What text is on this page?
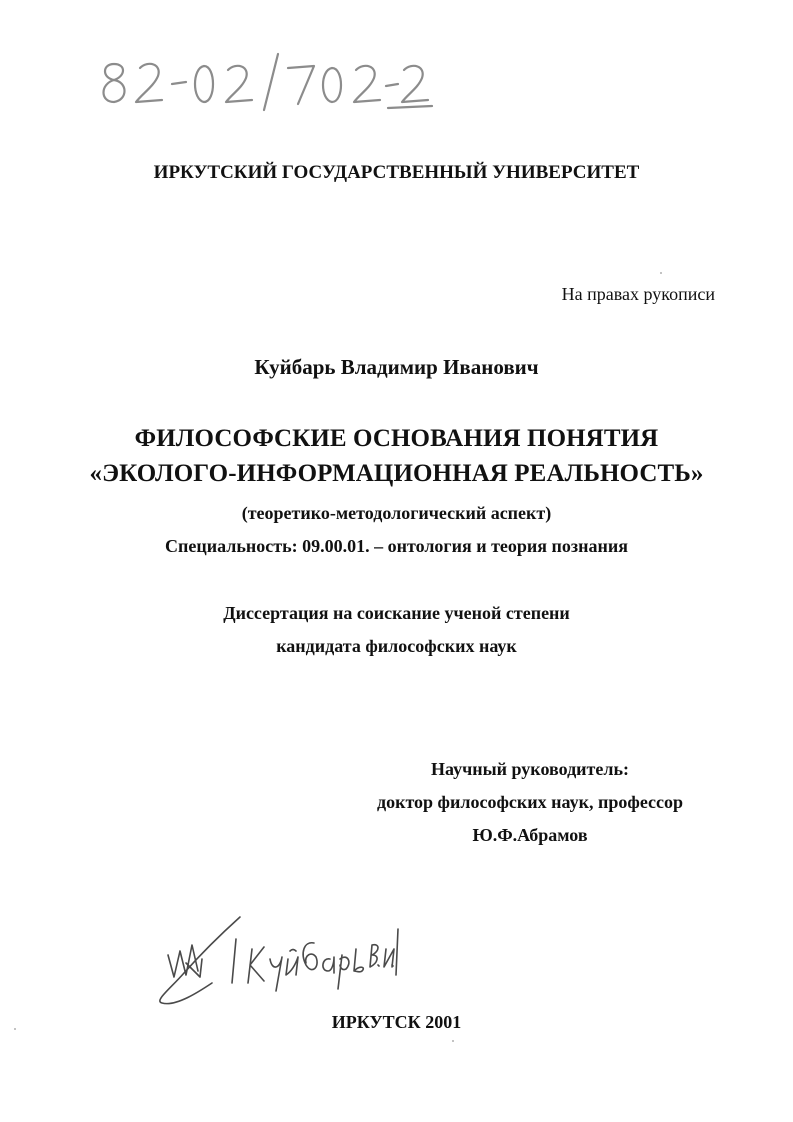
82-02/702-2
ИРКУТСКИЙ ГОСУДАРСТВЕННЫЙ УНИВЕРСИТЕТ
На правах рукописи
Куйбарь Владимир Иванович
ФИЛОСОФСКИЕ ОСНОВАНИЯ ПОНЯТИЯ
«ЭКОЛОГО-ИНФОРМАЦИОННАЯ РЕАЛЬНОСТЬ»
(теоретико-методологический аспект)
Специальность: 09.00.01. – онтология и теория познания
Диссертация на соискание ученой степени
кандидата философских наук
Научный руководитель:
доктор философских наук, профессор
Ю.Ф.Абрамов
Куйбарь В.И.	ИРКУТСК 2001
